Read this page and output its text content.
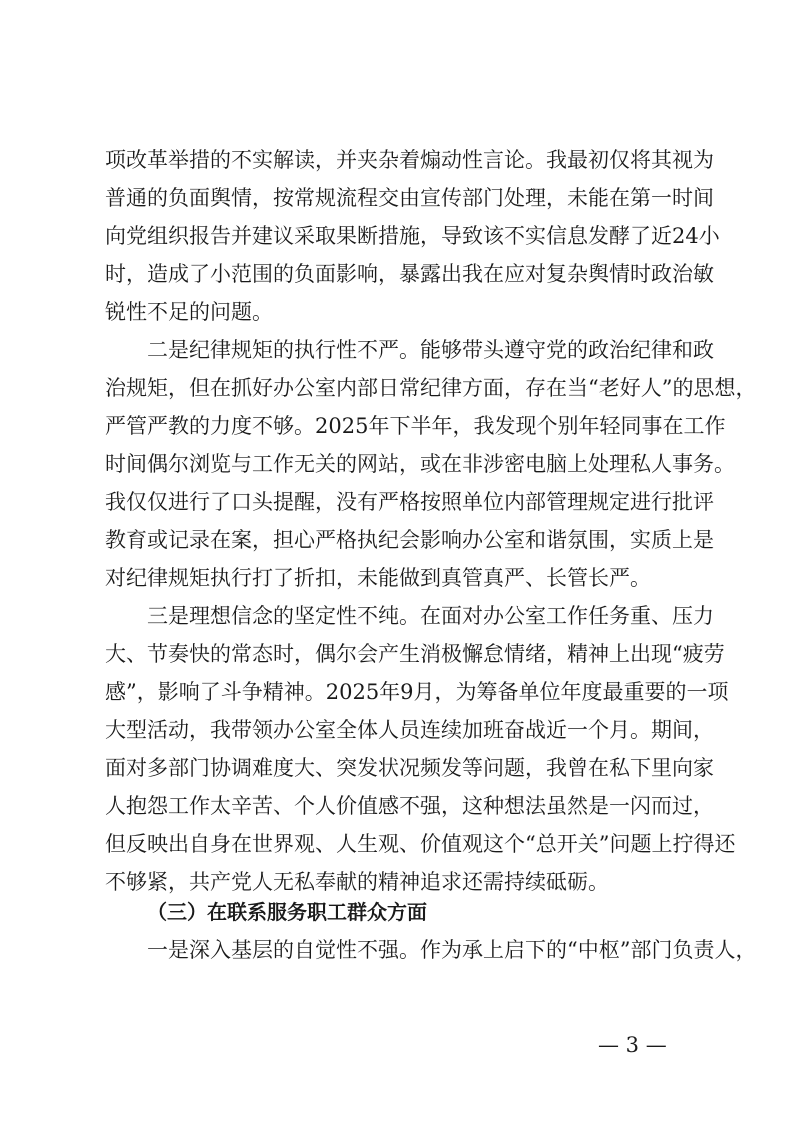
项改革举措的不实解读，并夹杂着煽动性言论。我最初仅将其视为
普通的负面舆情，按常规流程交由宣传部门处理，未能在第一时间
向党组织报告并建议采取果断措施，导致该不实信息发酵了近24小
时，造成了小范围的负面影响，暴露出我在应对复杂舆情时政治敏
锐性不足的问题。
二是纪律规矩的执行性不严。能够带头遵守党的政治纪律和政
治规矩，但在抓好办公室内部日常纪律方面，存在当“老好人”的思想，
严管严教的力度不够。2025年下半年，我发现个别年轻同事在工作
时间偶尔浏览与工作无关的网站，或在非涉密电脑上处理私人事务。
我仅仅进行了口头提醒，没有严格按照单位内部管理规定进行批评
教育或记录在案，担心严格执纪会影响办公室和谐氛围，实质上是
对纪律规矩执行打了折扣，未能做到真管真严、长管长严。
三是理想信念的坚定性不纯。在面对办公室工作任务重、压力
大、节奏快的常态时，偶尔会产生消极懈怠情绪，精神上出现“疲劳
感”，影响了斗争精神。2025年9月，为筹备单位年度最重要的一项
大型活动，我带领办公室全体人员连续加班奋战近一个月。期间，
面对多部门协调难度大、突发状况频发等问题，我曾在私下里向家
人抱怨工作太辛苦、个人价值感不强，这种想法虽然是一闪而过，
但反映出自身在世界观、人生观、价值观这个“总开关”问题上拧得还
不够紧，共产党人无私奉献的精神追求还需持续砥砺。
（三）在联系服务职工群众方面
一是深入基层的自觉性不强。作为承上启下的“中枢”部门负责人，
— 3 —
